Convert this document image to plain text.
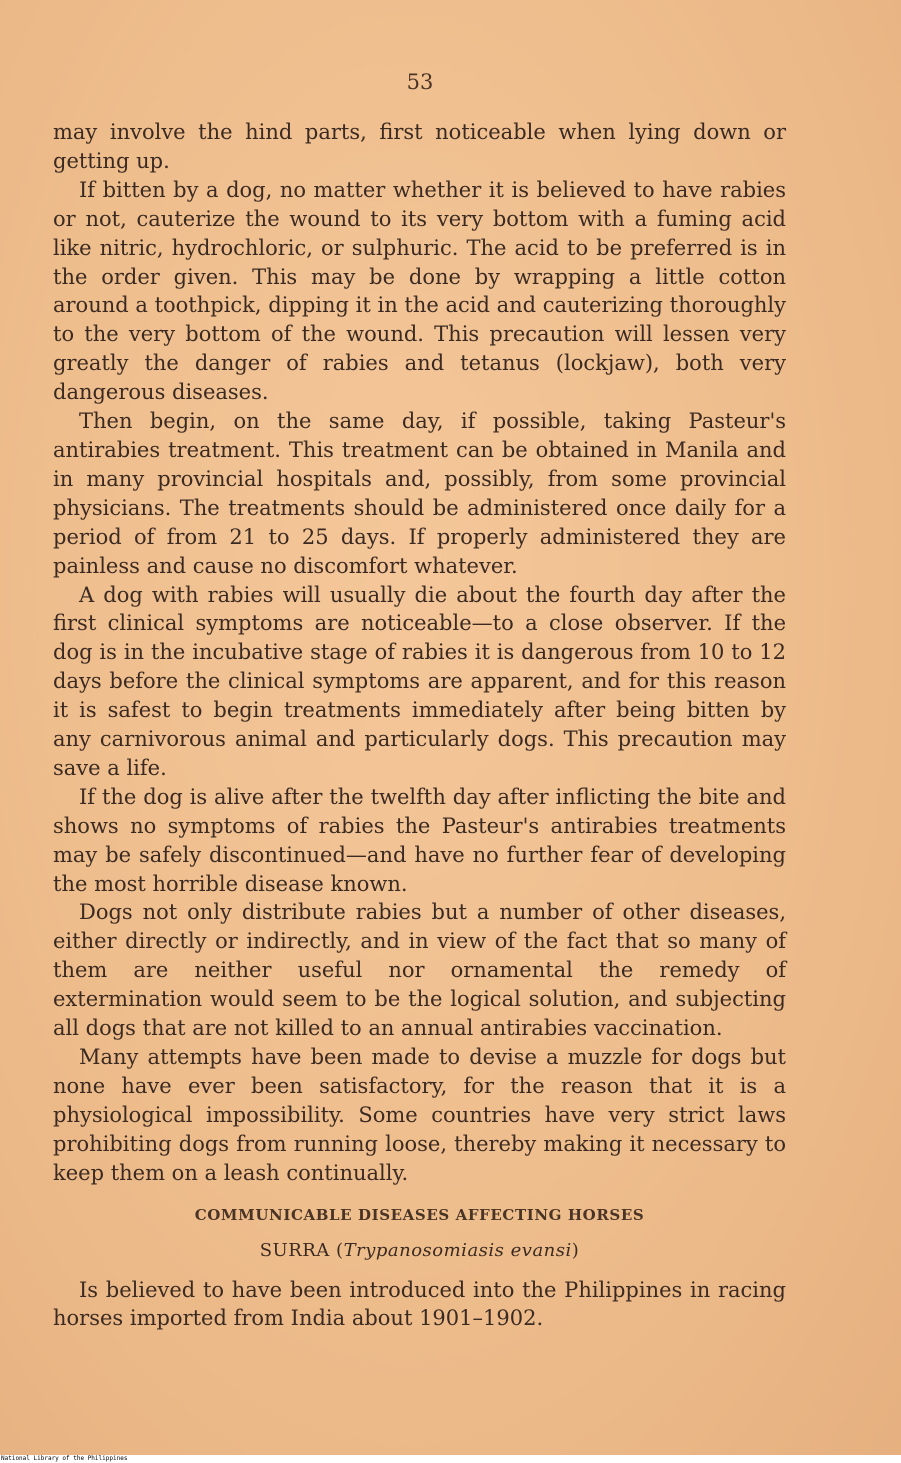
53

may involve the hind parts, first noticeable when lying down or getting up.

If bitten by a dog, no matter whether it is believed to have rabies or not, cauterize the wound to its very bottom with a fuming acid like nitric, hydrochloric, or sulphuric. The acid to be preferred is in the order given. This may be done by wrapping a little cotton around a toothpick, dipping it in the acid and cauterizing thoroughly to the very bottom of the wound. This precaution will lessen very greatly the danger of rabies and tetanus (lockjaw), both very dangerous diseases.

Then begin, on the same day, if possible, taking Pasteur's antirabies treatment. This treatment can be obtained in Manila and in many provincial hospitals and, possibly, from some provincial physicians. The treatments should be administered once daily for a period of from 21 to 25 days. If properly administered they are painless and cause no discomfort whatever.

A dog with rabies will usually die about the fourth day after the first clinical symptoms are noticeable—to a close observer. If the dog is in the incubative stage of rabies it is dangerous from 10 to 12 days before the clinical symptoms are apparent, and for this reason it is safest to begin treatments immediately after being bitten by any carnivorous animal and particularly dogs. This precaution may save a life.

If the dog is alive after the twelfth day after inflicting the bite and shows no symptoms of rabies the Pasteur's antirabies treatments may be safely discontinued—and have no further fear of developing the most horrible disease known.

Dogs not only distribute rabies but a number of other diseases, either directly or indirectly, and in view of the fact that so many of them are neither useful nor ornamental the remedy of extermination would seem to be the logical solution, and subjecting all dogs that are not killed to an annual antirabies vaccination.

Many attempts have been made to devise a muzzle for dogs but none have ever been satisfactory, for the reason that it is a physiological impossibility. Some countries have very strict laws prohibiting dogs from running loose, thereby making it necessary to keep them on a leash continually.

COMMUNICABLE DISEASES AFFECTING HORSES
SURRA (Trypanosomiasis evansi)

Is believed to have been introduced into the Philippines in racing horses imported from India about 1901–1902.

National Library of the Philippines
